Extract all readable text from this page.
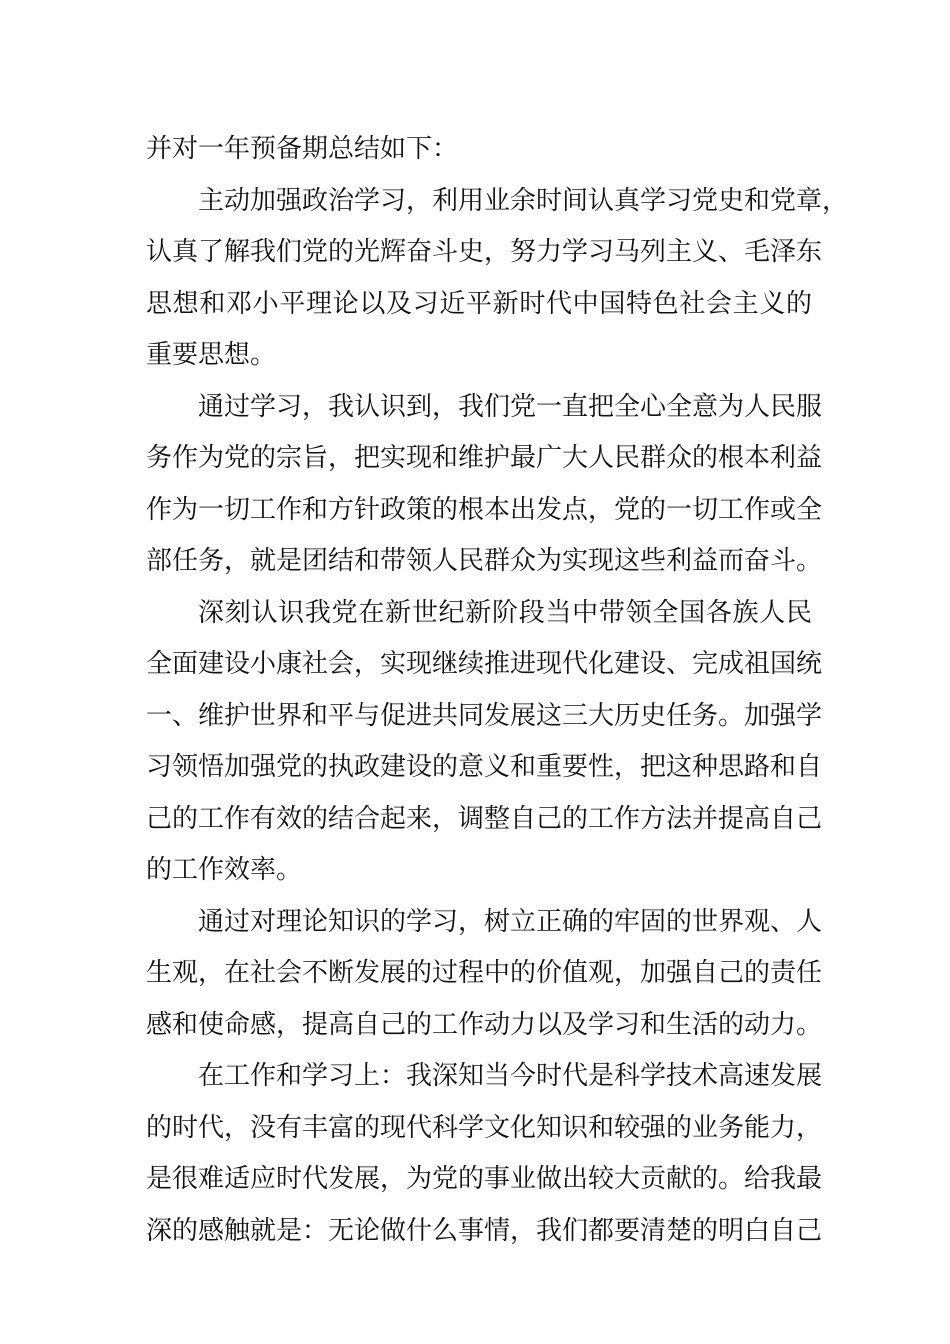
并对一年预备期总结如下：
主动加强政治学习，利用业余时间认真学习党史和党章，
认真了解我们党的光辉奋斗史，努力学习马列主义、毛泽东
思想和邓小平理论以及习近平新时代中国特色社会主义的
重要思想。
通过学习，我认识到，我们党一直把全心全意为人民服
务作为党的宗旨，把实现和维护最广大人民群众的根本利益
作为一切工作和方针政策的根本出发点，党的一切工作或全
部任务，就是团结和带领人民群众为实现这些利益而奋斗。
深刻认识我党在新世纪新阶段当中带领全国各族人民
全面建设小康社会，实现继续推进现代化建设、完成祖国统
一、维护世界和平与促进共同发展这三大历史任务。加强学
习领悟加强党的执政建设的意义和重要性，把这种思路和自
己的工作有效的结合起来，调整自己的工作方法并提高自己
的工作效率。
通过对理论知识的学习，树立正确的牢固的世界观、人
生观，在社会不断发展的过程中的价值观，加强自己的责任
感和使命感，提高自己的工作动力以及学习和生活的动力。
在工作和学习上：我深知当今时代是科学技术高速发展
的时代，没有丰富的现代科学文化知识和较强的业务能力，
是很难适应时代发展，为党的事业做出较大贡献的。给我最
深的感触就是：无论做什么事情，我们都要清楚的明白自己
